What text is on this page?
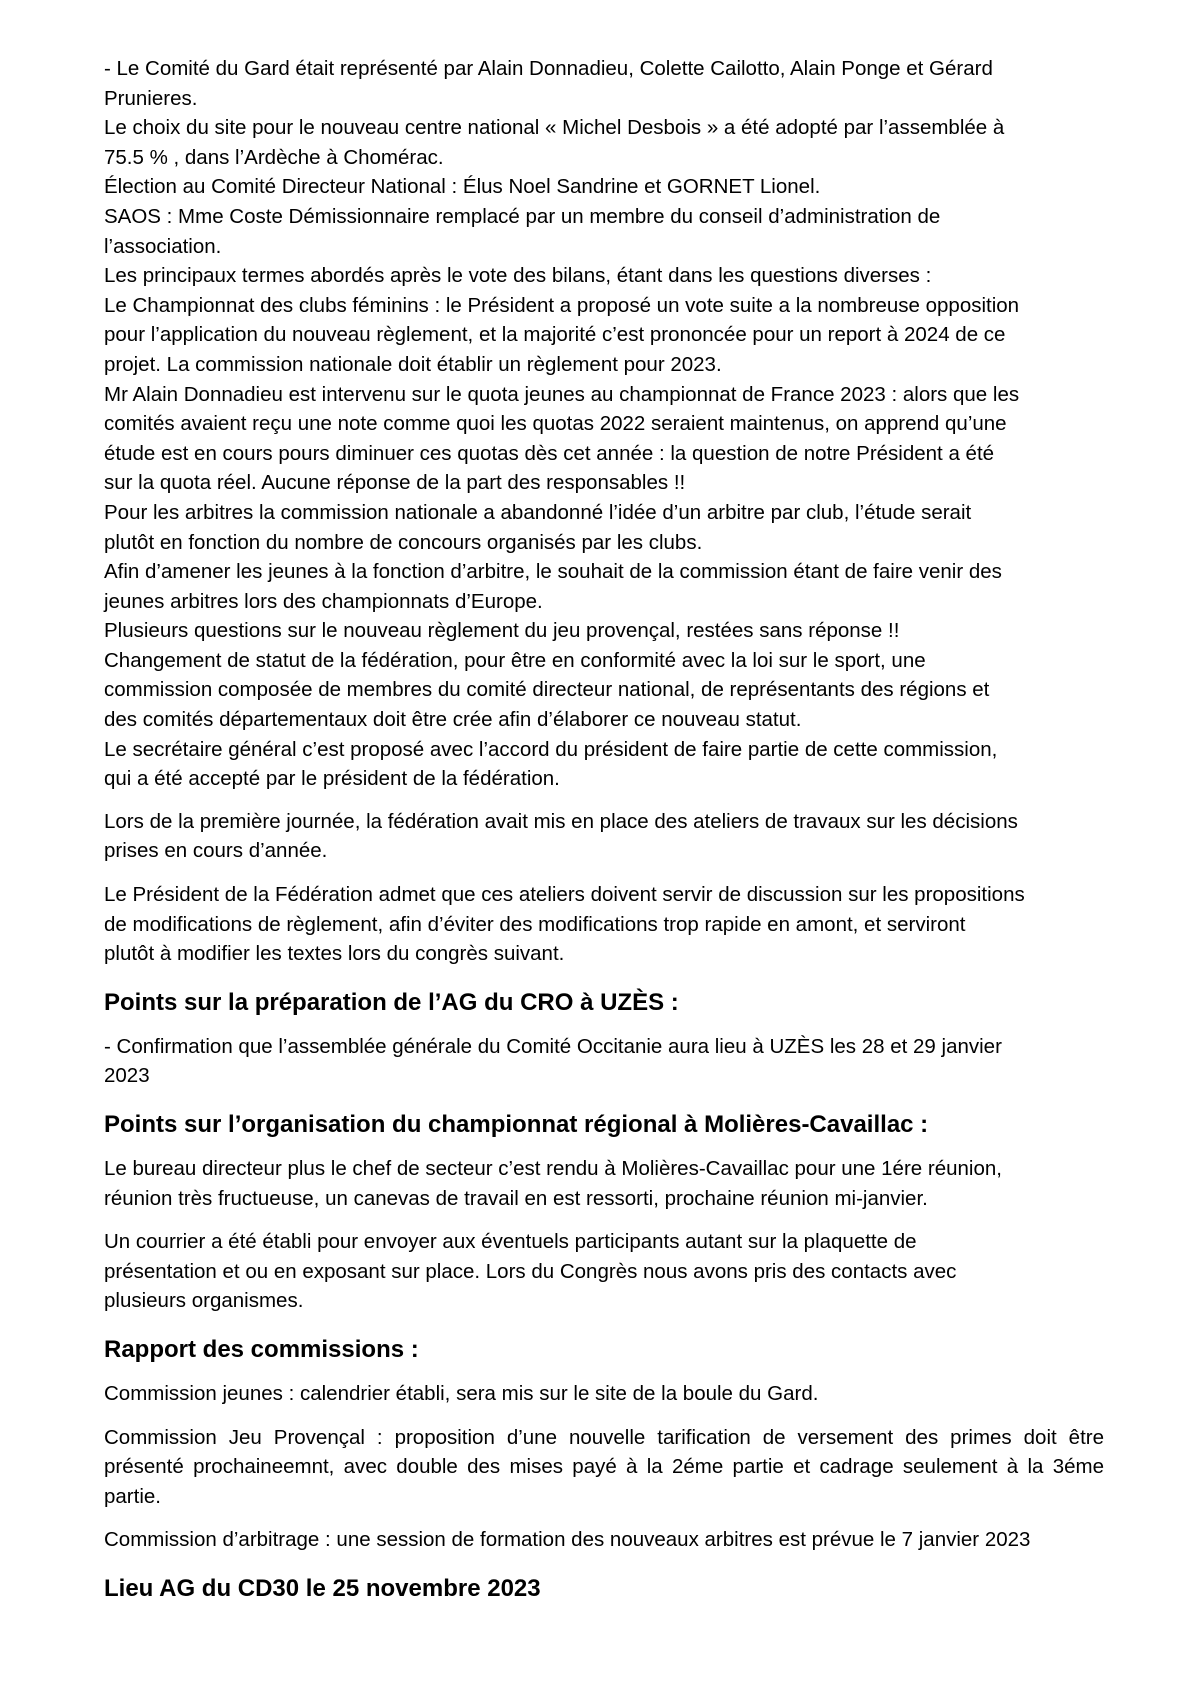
- Le Comité du Gard était représenté par Alain Donnadieu, Colette Cailotto, Alain Ponge et Gérard

Prunieres.

Le choix du site pour le nouveau centre national « Michel Desbois » a été adopté par l’assemblée à

75.5 % , dans l’Ardèche à Chomérac.

Élection au Comité Directeur National : Élus Noel Sandrine et GORNET Lionel.

SAOS : Mme Coste Démissionnaire remplacé par un membre du conseil d’administration de

l’association.

Les principaux termes abordés après le vote des bilans, étant dans les questions diverses :

Le Championnat des clubs féminins : le Président a proposé un vote suite a la nombreuse opposition

pour l’application du nouveau règlement, et la majorité c’est prononcée pour un report à 2024 de ce

projet. La commission nationale doit établir un règlement pour 2023.

Mr Alain Donnadieu est intervenu sur le quota jeunes au championnat de France 2023 : alors que les

comités avaient reçu une note comme quoi les quotas 2022 seraient maintenus, on apprend qu’une

étude est en cours pours diminuer ces quotas dès cet année : la question de notre Président a été

sur la quota réel. Aucune réponse de la part des responsables !!

Pour les arbitres la commission nationale a abandonné l’idée d’un arbitre par club, l’étude serait

plutôt en fonction du nombre de concours organisés par les clubs.

Afin d’amener les jeunes à la fonction d’arbitre, le souhait de la commission étant de faire venir des

jeunes arbitres lors des championnats d’Europe.

Plusieurs questions sur le nouveau règlement du jeu provençal, restées sans réponse !!

Changement de statut de la fédération, pour être en conformité avec la loi sur le sport, une

commission composée de membres du comité directeur national, de représentants des régions et

des comités départementaux doit être crée afin d’élaborer ce nouveau statut.

Le secrétaire général c’est proposé avec l’accord du président de faire partie de cette commission,

qui a été accepté par le président de la fédération.

Lors de la première journée, la fédération avait mis en place des ateliers de travaux sur les décisions

prises en cours d’année.

Le Président de la Fédération admet que ces ateliers doivent servir de discussion sur les propositions

de modifications de règlement, afin d’éviter des modifications trop rapide en amont, et serviront

plutôt à modifier les textes lors du congrès suivant.

Points sur la préparation de l’AG du CRO à UZÈS :

- Confirmation que l’assemblée générale du Comité Occitanie aura lieu à UZÈS les 28 et 29 janvier

2023

Points sur l’organisation du championnat régional à Molières-Cavaillac :

Le bureau directeur plus le chef de secteur c’est rendu à Molières-Cavaillac pour une 1ére réunion,

réunion très fructueuse, un canevas de travail en est ressorti, prochaine réunion mi-janvier.

Un courrier a été établi pour envoyer aux éventuels participants autant sur la plaquette de

présentation et ou en exposant sur place. Lors du Congrès nous avons pris des contacts avec

plusieurs organismes.

Rapport des commissions :

Commission jeunes : calendrier établi, sera mis sur le site de la boule du Gard.

Commission Jeu Provençal : proposition d’une nouvelle tarification de versement des primes doit être présenté prochaineemnt, avec double des mises payé à la 2éme partie et cadrage seulement à la 3éme partie.

Commission d’arbitrage : une session de formation des nouveaux arbitres est prévue le 7 janvier 2023

Lieu AG du CD30 le 25 novembre 2023
